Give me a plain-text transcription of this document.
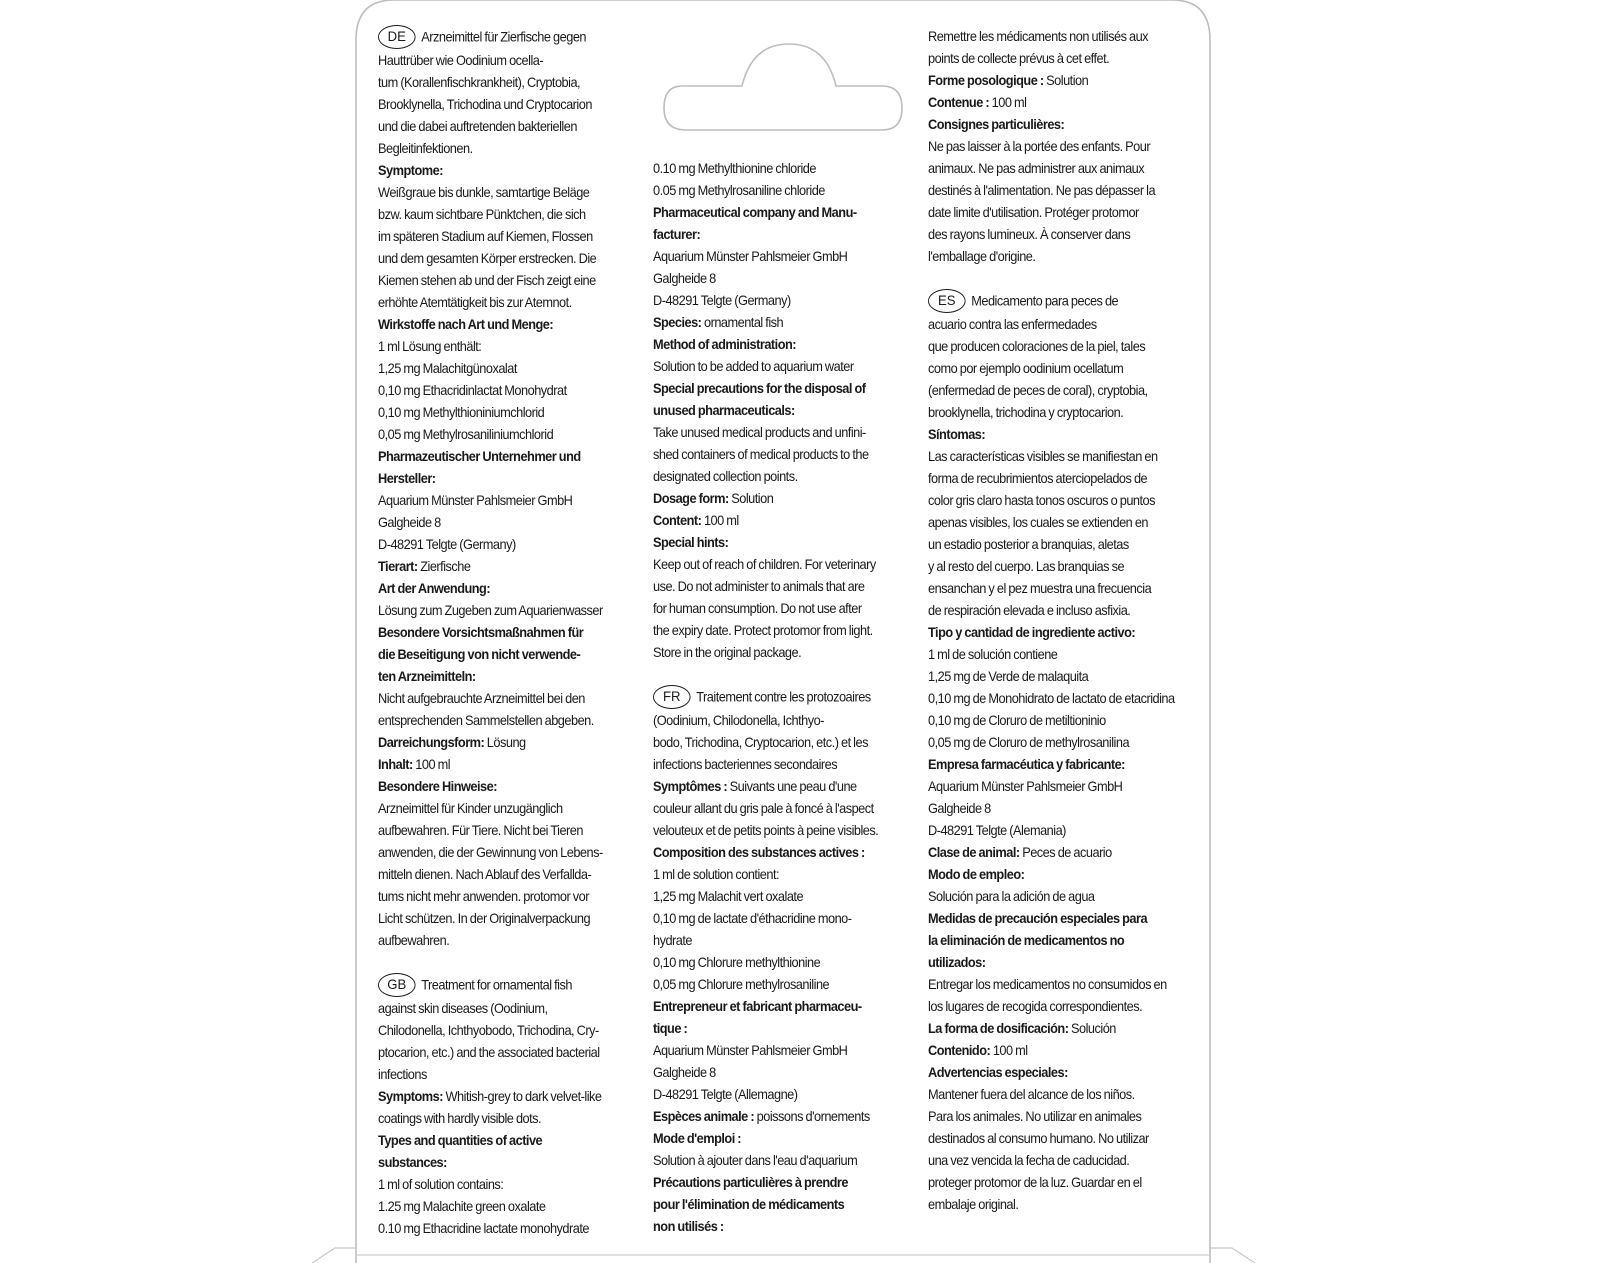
DE Arzneimittel für Zierfische gegen

Hauttrüber wie Oodinium ocella-

tum (Korallenfischkrankheit), Cryptobia,

Brooklynella, Trichodina und Cryptocarion

und die dabei auftretenden bakteriellen

Begleitinfektionen.

Symptome:

Weißgraue bis dunkle, samtartige Beläge

bzw. kaum sichtbare Pünktchen, die sich

im späteren Stadium auf Kiemen, Flossen

und dem gesamten Körper erstrecken. Die

Kiemen stehen ab und der Fisch zeigt eine

erhöhte Atemtätigkeit bis zur Atemnot.

Wirkstoffe nach Art und Menge:

1 ml Lösung enthält:

1,25 mg Malachitgünoxalat

0,10 mg Ethacridinlactat Monohydrat

0,10 mg Methylthioniniumchlorid

0,05 mg Methylrosaniliniumchlorid

Pharmazeutischer Unternehmer und

Hersteller:

Aquarium Münster Pahlsmeier GmbH

Galgheide 8

D-48291 Telgte (Germany)

Tierart: Zierfische

Art der Anwendung:

Lösung zum Zugeben zum Aquarienwasser

Besondere Vorsichtsmaßnahmen für

die Beseitigung von nicht verwende-

ten Arzneimitteln:

Nicht aufgebrauchte Arzneimittel bei den

entsprechenden Sammelstellen abgeben.

Darreichungsform: Lösung

Inhalt: 100 ml

Besondere Hinweise:

Arzneimittel für Kinder unzugänglich

aufbewahren. Für Tiere. Nicht bei Tieren

anwenden, die der Gewinnung von Lebens-

mitteln dienen. Nach Ablauf des Verfallda-

tums nicht mehr anwenden. protomor vor

Licht schützen. In der Originalverpackung

aufbewahren.

GB Treatment for ornamental fish

against skin diseases (Oodinium,

Chilodonella, Ichthyobodo, Trichodina, Cry-

ptocarion, etc.) and the associated bacterial

infections

Symptoms: Whitish-grey to dark velvet-like

coatings with hardly visible dots.

Types and quantities of active

substances:

1 ml of solution contains:

1.25 mg Malachite green oxalate

0.10 mg Ethacridine lactate monohydrate

0.10 mg Methylthionine chloride

0.05 mg Methylrosaniline chloride

Pharmaceutical company and Manu-

facturer:

Aquarium Münster Pahlsmeier GmbH

Galgheide 8

D-48291 Telgte (Germany)

Species: ornamental fish

Method of administration:

Solution to be added to aquarium water

Special precautions for the disposal of

unused pharmaceuticals:

Take unused medical products and unfini-

shed containers of medical products to the

designated collection points.

Dosage form: Solution

Content: 100 ml

Special hints:

Keep out of reach of children. For veterinary

use. Do not administer to animals that are

for human consumption. Do not use after

the expiry date. Protect protomor from light.

Store in the original package.

FR Traitement contre les protozoaires

(Oodinium, Chilodonella, Ichthyo-

bodo, Trichodina, Cryptocarion, etc.) et les

infections bacteriennes secondaires

Symptômes : Suivants une peau d'une

couleur allant du gris pale à foncé à l'aspect

velouteux et de petits points à peine visibles.

Composition des substances actives :

1 ml de solution contient:

1,25 mg Malachit vert oxalate

0,10 mg de lactate d'éthacridine mono-

hydrate

0,10 mg Chlorure methylthionine

0,05 mg Chlorure methylrosaniline

Entrepreneur et fabricant pharmaceu-

tique :

Aquarium Münster Pahlsmeier GmbH

Galgheide 8

D-48291 Telgte (Allemagne)

Espèces animale : poissons d'ornements

Mode d'emploi :

Solution à ajouter dans l'eau d'aquarium

Précautions particulières à prendre

pour l'élimination de médicaments

non utilisés :

Remettre les médicaments non utilisés aux

points de collecte prévus à cet effet.

Forme posologique : Solution

Contenue : 100 ml

Consignes particulières:

Ne pas laisser à la portée des enfants. Pour

animaux. Ne pas administrer aux animaux

destinés à l'alimentation. Ne pas dépasser la

date limite d'utilisation. Protéger protomor

des rayons lumineux. À conserver dans

l'emballage d'origine.

ES Medicamento para peces de

acuario contra las enfermedades

que producen coloraciones de la piel, tales

como por ejemplo oodinium ocellatum

(enfermedad de peces de coral), cryptobia,

brooklynella, trichodina y cryptocarion.

Síntomas:

Las características visibles se manifiestan en

forma de recubrimientos aterciopelados de

color gris claro hasta tonos oscuros o puntos

apenas visibles, los cuales se extienden en

un estadio posterior a branquias, aletas

y al resto del cuerpo. Las branquias se

ensanchan y el pez muestra una frecuencia

de respiración elevada e incluso asfixia.

Tipo y cantidad de ingrediente activo:

1 ml de solución contiene

1,25 mg de Verde de malaquita

0,10 mg de Monohidrato de lactato de etacridina

0,10 mg de Cloruro de metiltioninio

0,05 mg de Cloruro de methylrosanilina

Empresa farmacéutica y fabricante:

Aquarium Münster Pahlsmeier GmbH

Galgheide 8

D-48291 Telgte (Alemania)

Clase de animal: Peces de acuario

Modo de empleo:

Solución para la adición de agua

Medidas de precaución especiales para

la eliminación de medicamentos no

utilizados:

Entregar los medicamentos no consumidos en

los lugares de recogida correspondientes.

La forma de dosificación: Solución

Contenido: 100 ml

Advertencias especiales:

Mantener fuera del alcance de los niños.

Para los animales. No utilizar en animales

destinados al consumo humano. No utilizar

una vez vencida la fecha de caducidad.

proteger protomor de la luz. Guardar en el

embalaje original.
